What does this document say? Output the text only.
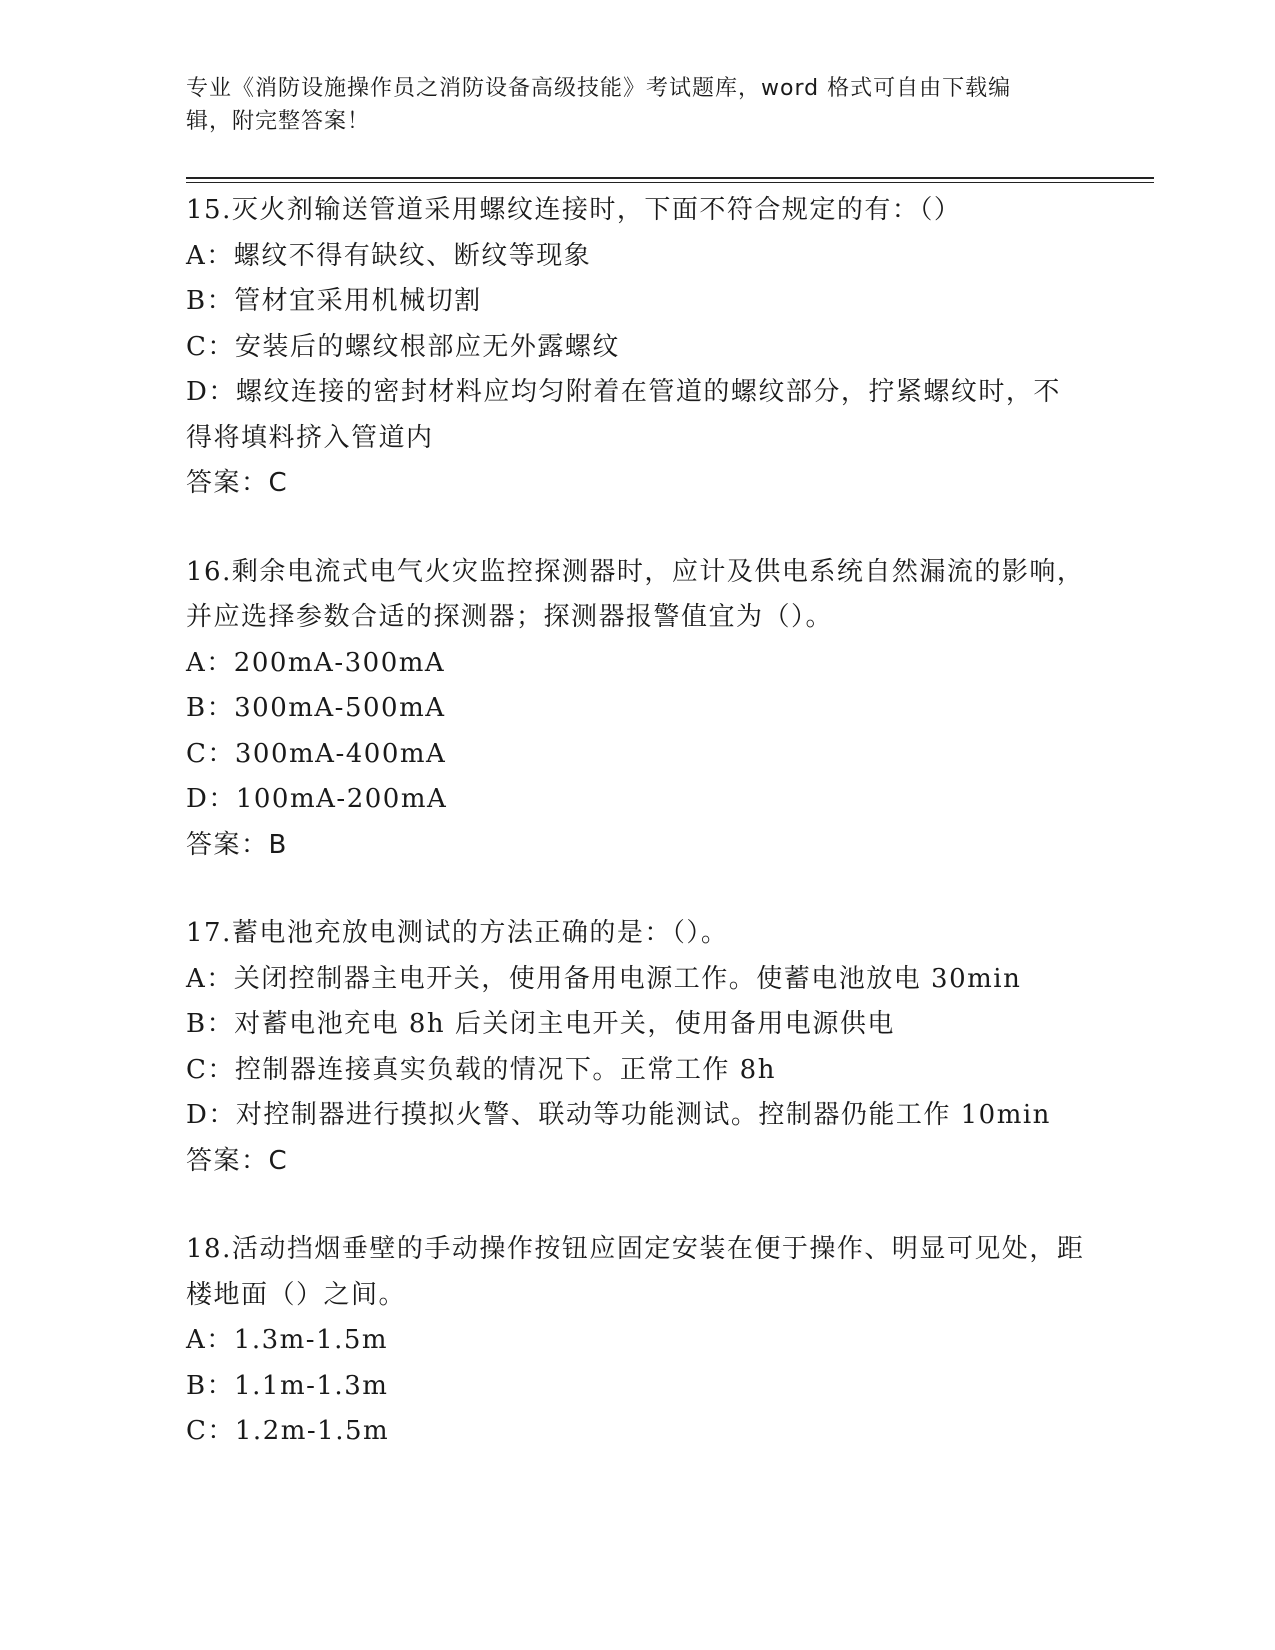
专业《消防设施操作员之消防设备高级技能》考试题库，word 格式可自由下载编
辑，附完整答案！

15.灭火剂输送管道采用螺纹连接时，下面不符合规定的有：（）

A：螺纹不得有缺纹、断纹等现象

B：管材宜采用机械切割

C：安装后的螺纹根部应无外露螺纹

D：螺纹连接的密封材料应均匀附着在管道的螺纹部分，拧紧螺纹时，不得将填料挤入管道内

答案：C

16.剩余电流式电气火灾监控探测器时，应计及供电系统自然漏流的影响，并应选择参数合适的探测器；探测器报警值宜为（）。

A：200mA-300mA

B：300mA-500mA

C：300mA-400mA

D：100mA-200mA

答案：B

17.蓄电池充放电测试的方法正确的是：（）。

A：关闭控制器主电开关，使用备用电源工作。使蓄电池放电 30min

B：对蓄电池充电 8h 后关闭主电开关，使用备用电源供电

C：控制器连接真实负载的情况下。正常工作 8h

D：对控制器进行摸拟火警、联动等功能测试。控制器仍能工作 10min

答案：C

18.活动挡烟垂壁的手动操作按钮应固定安装在便于操作、明显可见处，距楼地面（）之间。

A：1.3m-1.5m

B：1.1m-1.3m

C：1.2m-1.5m
